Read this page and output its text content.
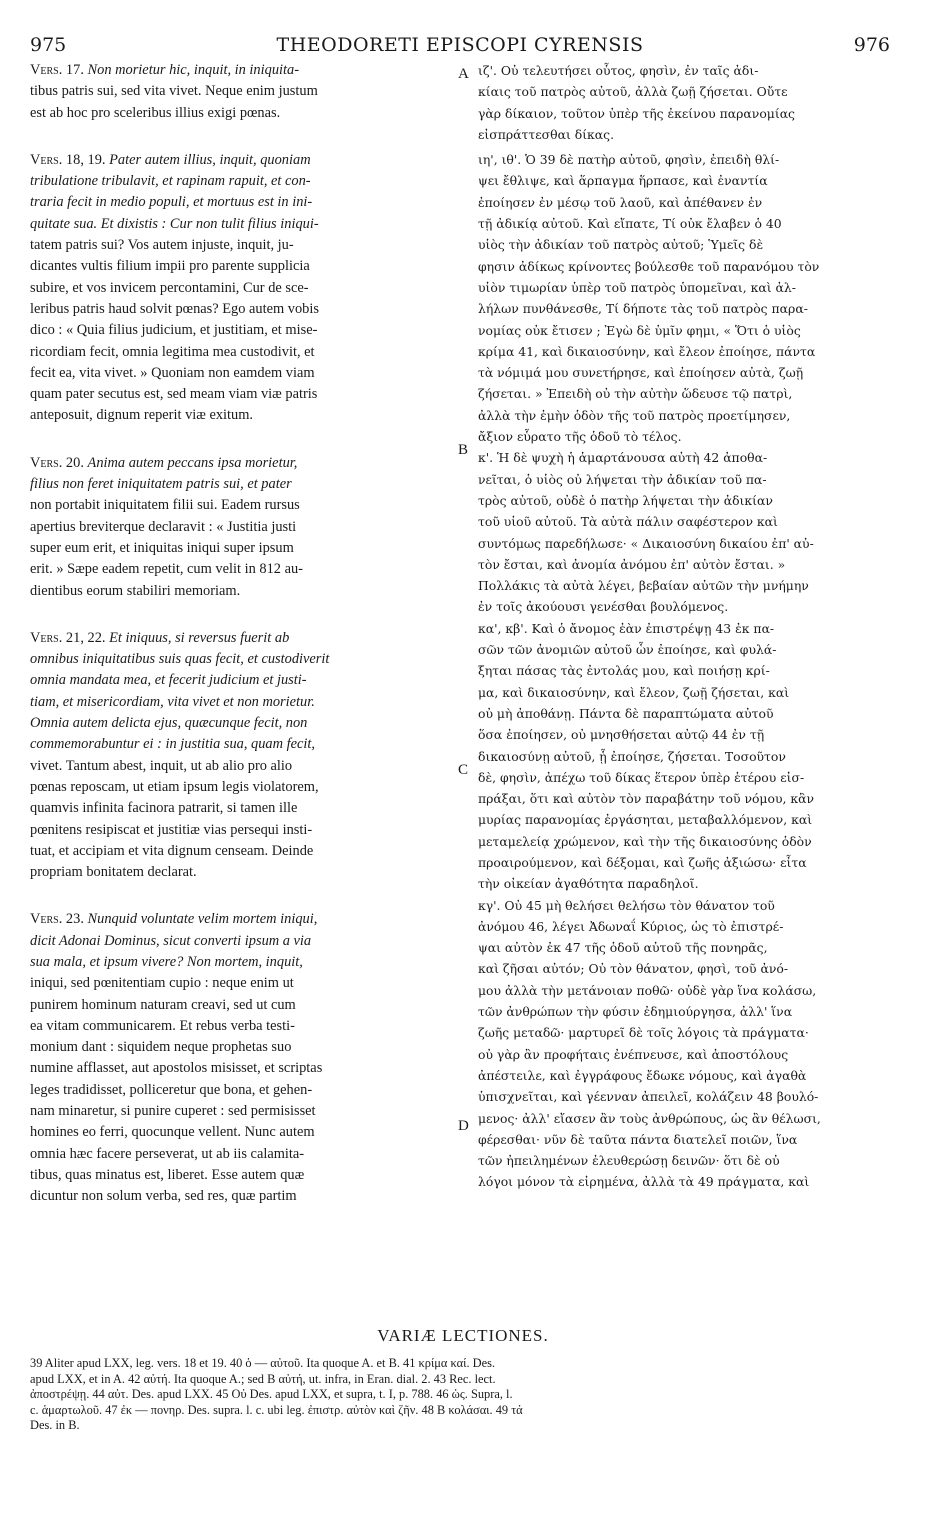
975	THEODORETI EPISCOPI CYRENSIS	976
Vers. 17. Non morietur hic, inquit, in iniquita-
tibus patris sui, sed vita vivet. Neque enim justum
est ab hoc pro sceleribus illius exigi pœnas.
Vers. 18, 19. Pater autem illius, inquit, quoniam
tribulatione tribulavit, et rapinam rapuit, et con-
traria fecit in medio populi, et mortuus est in ini-
quitate sua. Et dixistis : Cur non tulit filius iniqui-
tatem patris sui? Vos autem injuste, inquit, ju-
dicantes vultis filium impii pro parente supplicia
subire, et vos invicem percontamini, Cur de sce-
leribus patris haud solvit pœnas? Ego autem vobis
dico : « Quia filius judicium, et justitiam, et mise-
ricordiam fecit, omnia legitima mea custodivit, et
fecit ea, vita vivet. » Quoniam non eamdem viam
quam pater secutus est, sed meam viam viæ patris
anteposuit, dignum reperit viæ exitum.
Vers. 20. Anima autem peccans ipsa morietur,
filius non feret iniquitatem patris sui, et pater
non portabit iniquitatem filii sui. Eadem rursus
apertius breviterque declaravit : « Justitia justi
super eum erit, et iniquitas iniqui super ipsum
erit. » Sæpe eadem repetit, cum velit in 812 au-
dientibus eorum stabiliri memoriam.
Vers. 21, 22. Et iniquus, si reversus fuerit ab
omnibus iniquitatibus suis quas fecit, et custodiverit
omnia mandata mea, et fecerit judicium et justi-
tiam, et misericordiam, vita vivet et non morietur.
Omnia autem delicta ejus, quæcunque fecit, non
commemorabuntur ei : in justitia sua, quam fecit,
vivet. Tantum abest, inquit, ut ab alio pro alio
pœnas reposcam, ut etiam ipsum legis violatorem,
quamvis infinita facinora patrarit, si tamen ille
pœnitens resipiscat et justitiæ vias persequi insti-
tuat, et accipiam et vita dignum censeam. Deinde
propriam bonitatem declarat.
Vers. 23. Nunquid voluntate velim mortem iniqui,
dicit Adonai Dominus, sicut converti ipsum a via
sua mala, et ipsum vivere? Non mortem, inquit,
iniqui, sed pœnitentiam cupio : neque enim ut
punirem hominum naturam creavi, sed ut cum
ea vitam communicarem. Et rebus verba testi-
monium dant : siquidem neque prophetas suo
numine afflasset, aut apostolos misisset, et scriptas
leges tradidisset, polliceretur que bona, et gehen-
nam minaretur, si punire cuperet : sed permisisset
homines eo ferri, quocunque vellent. Nunc autem
omnia hæc facere perseverat, ut ab iis calamita-
tibus, quas minatus est, liberet. Esse autem quæ
dicuntur non solum verba, sed res, quæ partim
A
B
C
D
ιζ'. Οὐ τελευτήσει οὗτος, φησὶν, ἐν ταῖς ἀδι-
κίαις τοῦ πατρὸς αὐτοῦ, ἀλλὰ ζωῇ ζήσεται. Οὔτε
γὰρ δίκαιον, τοῦτον ὑπὲρ τῆς ἐκείνου παρανομίας
εἰσπράττεσθαι δίκας.
ιη', ιθ'. Ὁ 39 δὲ πατὴρ αὐτοῦ, φησὶν, ἐπειδὴ θλί-
ψει ἔθλιψε, καὶ ἅρπαγμα ἥρπασε, καὶ ἐναντία
ἐποίησεν ἐν μέσῳ τοῦ λαοῦ, καὶ ἀπέθανεν ἐν
τῇ ἀδικίᾳ αὐτοῦ. Καὶ εἴπατε, Τί οὐκ ἔλαβεν ὁ 40
υἱὸς τὴν ἀδικίαν τοῦ πατρὸς αὐτοῦ; Ὑμεῖς δὲ
φησιν ἀδίκως κρίνοντες βούλεσθε τοῦ παρανόμου τὸν
υἱὸν τιμωρίαν ὑπὲρ τοῦ πατρὸς ὑπομεῖναι, καὶ ἀλ-
λήλων πυνθάνεσθε, Τί δήποτε τὰς τοῦ πατρὸς παρα-
νομίας οὐκ ἔτισεν ; Ἐγὼ δὲ ὑμῖν φημι, « Ὅτι ὁ υἱὸς
κρίμα 41, καὶ δικαιοσύνην, καὶ ἔλεον ἐποίησε, πάντα
τὰ νόμιμά μου συνετήρησε, καὶ ἐποίησεν αὐτὰ, ζωῇ
ζήσεται. » Ἐπειδὴ οὐ τὴν αὐτὴν ὥδευσε τῷ πατρὶ,
ἀλλὰ τὴν ἐμὴν ὁδὸν τῆς τοῦ πατρὸς προετίμησεν,
ἄξιον εὗρατο τῆς ὁδοῦ τὸ τέλος.
κ'. Ἡ δὲ ψυχὴ ἡ ἁμαρτάνουσα αὐτὴ 42 ἀποθα-
νεῖται, ὁ υἱὸς οὐ λήψεται τὴν ἀδικίαν τοῦ πα-
τρὸς αὐτοῦ, οὐδὲ ὁ πατὴρ λήψεται τὴν ἀδικίαν
τοῦ υἱοῦ αὐτοῦ. Τὰ αὐτὰ πάλιν σαφέστερον καὶ
συντόμως παρεδήλωσε· « Δικαιοσύνη δικαίου ἐπ' αὐ-
τὸν ἔσται, καὶ ἀνομία ἀνόμου ἐπ' αὐτὸν ἔσται. »
Πολλάκις τὰ αὐτὰ λέγει, βεβαίαν αὐτῶν τὴν μνήμην
ἐν τοῖς ἀκούουσι γενέσθαι βουλόμενος.
κα', κβ'. Καὶ ὁ ἄνομος ἐὰν ἐπιστρέψῃ 43 ἐκ πα-
σῶν τῶν ἀνομιῶν αὐτοῦ ὧν ἐποίησε, καὶ φυλά-
ξηται πάσας τὰς ἐντολάς μου, καὶ ποιήσῃ κρί-
μα, καὶ δικαιοσύνην, καὶ ἔλεον, ζωῇ ζήσεται, καὶ
οὐ μὴ ἀποθάνῃ. Πάντα δὲ παραπτώματα αὐτοῦ
ὅσα ἐποίησεν, οὐ μνησθήσεται αὐτῷ 44 ἐν τῇ
δικαιοσύνῃ αὐτοῦ, ᾗ ἐποίησε, ζήσεται. Τοσοῦτον
δὲ, φησὶν, ἀπέχω τοῦ δίκας ἕτερον ὑπὲρ ἑτέρου εἰσ-
πράξαι, ὅτι καὶ αὐτὸν τὸν παραβάτην τοῦ νόμου, κἂν
μυρίας παρανομίας ἐργάσηται, μεταβαλλόμενον, καὶ
μεταμελείᾳ χρώμενον, καὶ τὴν τῆς δικαιοσύνης ὁδὸν
προαιρούμενον, καὶ δέξομαι, καὶ ζωῆς ἀξιώσω· εἶτα
τὴν οἰκείαν ἀγαθότητα παραδηλοῖ.
κγ'. Οὐ 45 μὴ θελήσει θελήσω τὸν θάνατον τοῦ
ἀνόμου 46, λέγει Ἀδωναΐ Κύριος, ὡς τὸ ἐπιστρέ-
ψαι αὐτὸν ἐκ 47 τῆς ὁδοῦ αὐτοῦ τῆς πονηρᾶς,
καὶ ζῆσαι αὐτόν; Οὐ τὸν θάνατον, φησὶ, τοῦ ἀνό-
μου ἀλλὰ τὴν μετάνοιαν ποθῶ· οὐδὲ γὰρ ἵνα κολάσω,
τῶν ἀνθρώπων τὴν φύσιν ἐδημιούργησα, ἀλλ' ἵνα
ζωῆς μεταδῶ· μαρτυρεῖ δὲ τοῖς λόγοις τὰ πράγματα·
οὐ γὰρ ἂν προφήταις ἐνέπνευσε, καὶ ἀποστόλους
ἀπέστειλε, καὶ ἐγγράφους ἔδωκε νόμους, καὶ ἀγαθὰ
ὑπισχνεῖται, καὶ γέενναν ἀπειλεῖ, κολάζειν 48 βουλό-
μενος· ἀλλ' εἴασεν ἂν τοὺς ἀνθρώπους, ὡς ἂν θέλωσι,
φέρεσθαι· νῦν δὲ ταῦτα πάντα διατελεῖ ποιῶν, ἵνα
τῶν ἠπειλημένων ἐλευθερώσῃ δεινῶν· ὅτι δὲ οὐ
λόγοι μόνον τὰ εἰρημένα, ἀλλὰ τὰ 49 πράγματα, καὶ
VARIÆ LECTIONES.
39 Aliter apud LXX, leg. vers. 18 et 19. 40 ὁ — αὐτοῦ. Ita quoque A. et B. 41 κρίμα καί. Des.
apud LXX, et in A. 42 αὐτή. Ita quoque A.; sed B αὐτή, ut. infra, in Eran. dial. 2. 43 Rec. lect.
ἀποστρέψῃ. 44 αὐτ. Des. apud LXX. 45 Οὐ Des. apud LXX, et supra, t. I, p. 788. 46 ὡς. Supra, l.
c. ἁμαρτωλοῦ. 47 ἐκ — πονηρ. Des. supra. l. c. ubi leg. ἐπιστρ. αὐτὸν καὶ ζῆν. 48 B κολάσαι. 49 τά
Des. in B.
